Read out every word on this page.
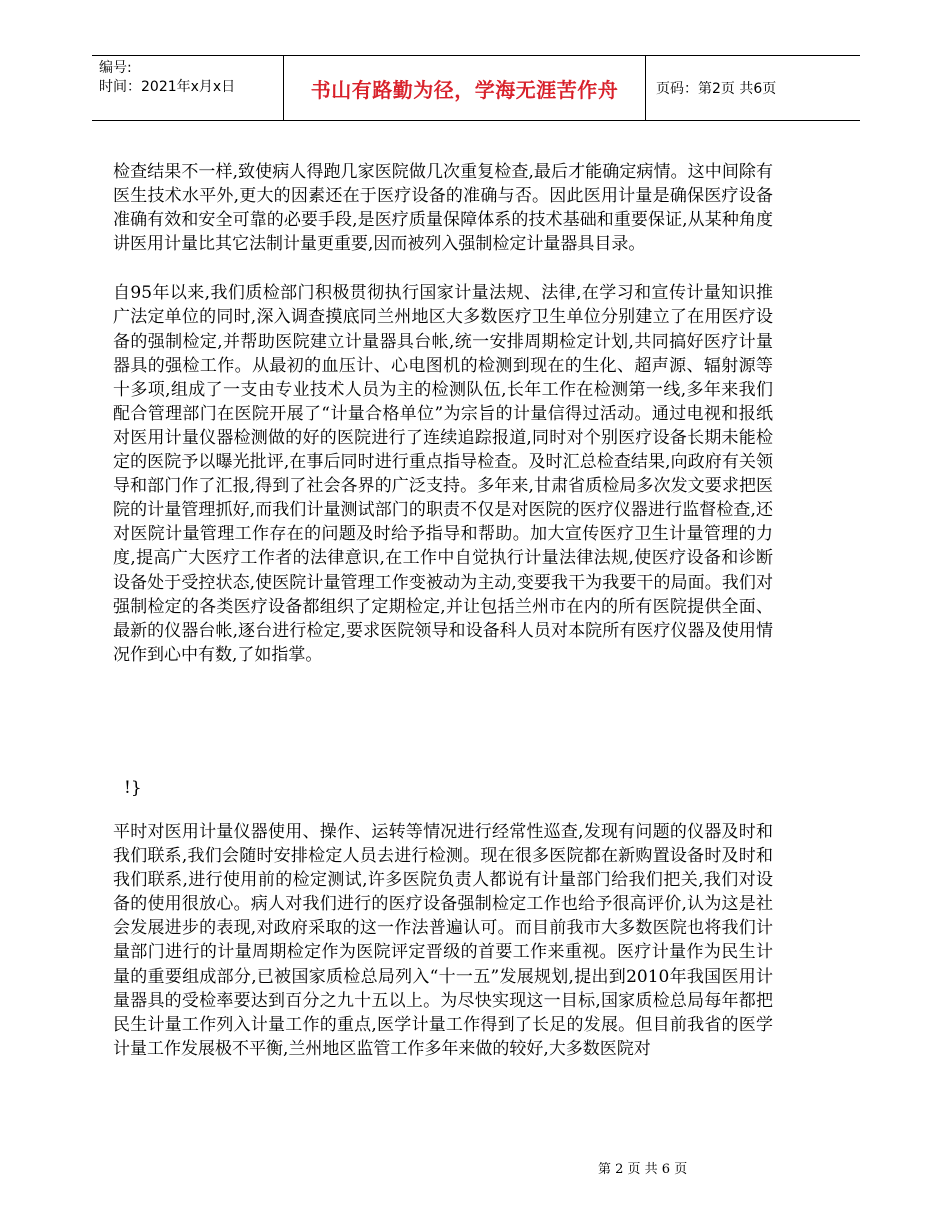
编号:
时间：2021年x月x日	书山有路勤为径，学海无涯苦作舟	页码：第2页 共6页

检查结果不一样,致使病人得跑几家医院做几次重复检查,最后才能确定病情。这中间除有医生技术水平外,更大的因素还在于医疗设备的准确与否。因此医用计量是确保医疗设备准确有效和安全可靠的必要手段,是医疗质量保障体系的技术基础和重要保证,从某种角度讲医用计量比其它法制计量更重要,因而被列入强制检定计量器具目录。

自95年以来,我们质检部门积极贯彻执行国家计量法规、法律,在学习和宣传计量知识推广法定单位的同时,深入调查摸底同兰州地区大多数医疗卫生单位分别建立了在用医疗设备的强制检定,并帮助医院建立计量器具台帐,统一安排周期检定计划,共同搞好医疗计量器具的强检工作。从最初的血压计、心电图机的检测到现在的生化、超声源、辐射源等十多项,组成了一支由专业技术人员为主的检测队伍,长年工作在检测第一线,多年来我们配合管理部门在医院开展了“计量合格单位”为宗旨的计量信得过活动。通过电视和报纸对医用计量仪器检测做的好的医院进行了连续追踪报道,同时对个别医疗设备长期未能检定的医院予以曝光批评,在事后同时进行重点指导检查。及时汇总检查结果,向政府有关领导和部门作了汇报,得到了社会各界的广泛支持。多年来,甘肃省质检局多次发文要求把医院的计量管理抓好,而我们计量测试部门的职责不仅是对医院的医疗仪器进行监督检查,还对医院计量管理工作存在的问题及时给予指导和帮助。加大宣传医疗卫生计量管理的力度,提高广大医疗工作者的法律意识,在工作中自觉执行计量法律法规,使医疗设备和诊断设备处于受控状态,使医院计量管理工作变被动为主动,变要我干为我要干的局面。我们对强制检定的各类医疗设备都组织了定期检定,并让包括兰州市在内的所有医院提供全面、最新的仪器台帐,逐台进行检定,要求医院领导和设备科人员对本院所有医疗仪器及使用情况作到心中有数,了如指掌。

!}

平时对医用计量仪器使用、操作、运转等情况进行经常性巡查,发现有问题的仪器及时和我们联系,我们会随时安排检定人员去进行检测。现在很多医院都在新购置设备时及时和我们联系,进行使用前的检定测试,许多医院负责人都说有计量部门给我们把关,我们对设备的使用很放心。病人对我们进行的医疗设备强制检定工作也给予很高评价,认为这是社会发展进步的表现,对政府采取的这一作法普遍认可。而目前我市大多数医院也将我们计量部门进行的计量周期检定作为医院评定晋级的首要工作来重视。医疗计量作为民生计量的重要组成部分,已被国家质检总局列入“十一五”发展规划,提出到2010年我国医用计量器具的受检率要达到百分之九十五以上。为尽快实现这一目标,国家质检总局每年都把民生计量工作列入计量工作的重点,医学计量工作得到了长足的发展。但目前我省的医学计量工作发展极不平衡,兰州地区监管工作多年来做的较好,大多数医院对

第 2 页 共 6 页
